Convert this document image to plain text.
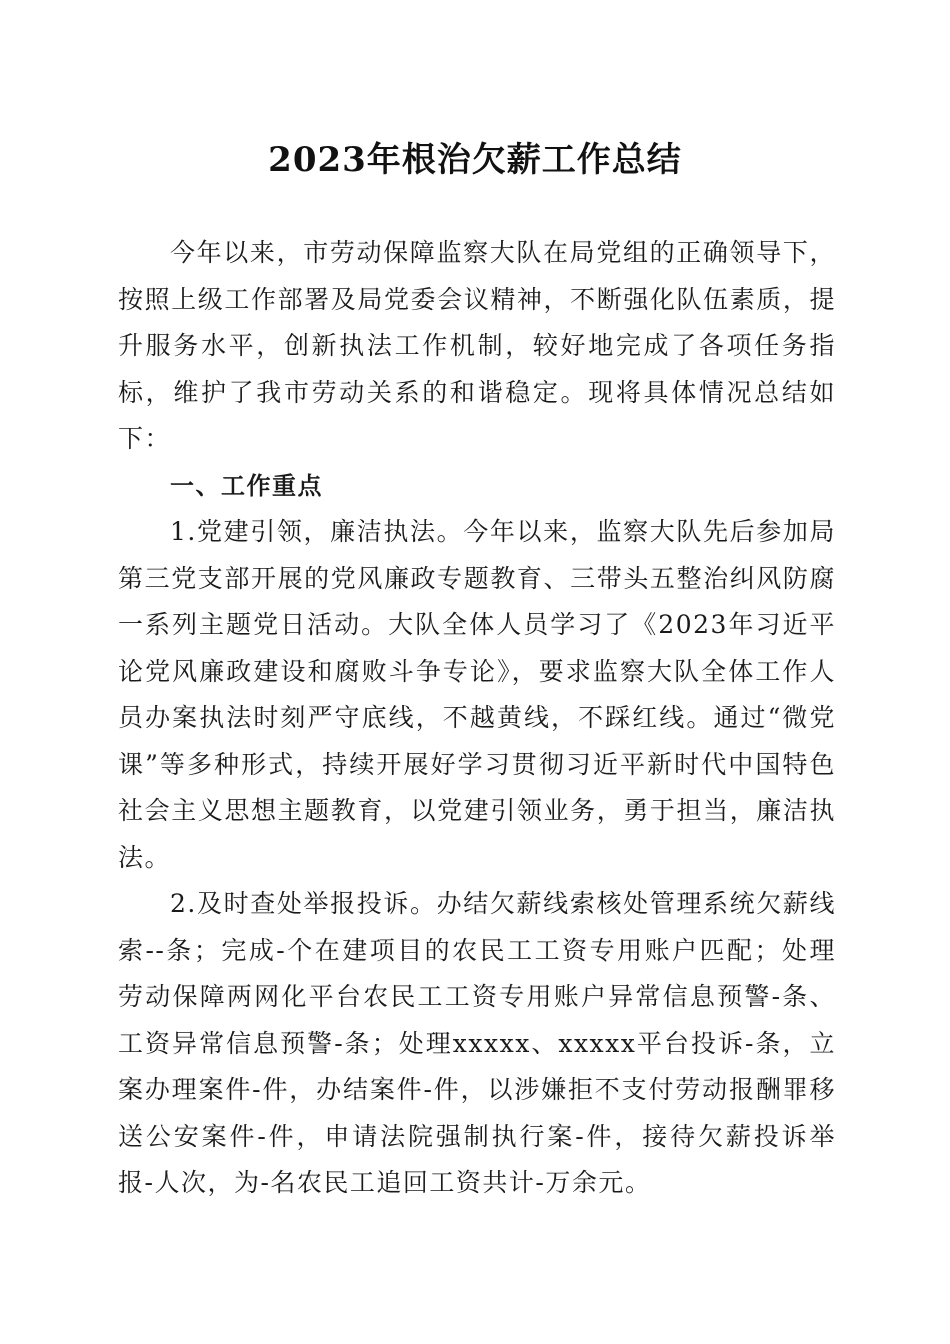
2023年根治欠薪工作总结

今年以来，市劳动保障监察大队在局党组的正确领导下，按照上级工作部署及局党委会议精神，不断强化队伍素质，提升服务水平，创新执法工作机制，较好地完成了各项任务指标，维护了我市劳动关系的和谐稳定。现将具体情况总结如下：

一、工作重点

1.党建引领，廉洁执法。今年以来，监察大队先后参加局第三党支部开展的党风廉政专题教育、三带头五整治纠风防腐一系列主题党日活动。大队全体人员学习了《2023年习近平论党风廉政建设和腐败斗争专论》，要求监察大队全体工作人员办案执法时刻严守底线，不越黄线，不踩红线。通过“微党课”等多种形式，持续开展好学习贯彻习近平新时代中国特色社会主义思想主题教育，以党建引领业务，勇于担当，廉洁执法。

2.及时查处举报投诉。办结欠薪线索核处管理系统欠薪线索--条；完成-个在建项目的农民工工资专用账户匹配；处理劳动保障两网化平台农民工工资专用账户异常信息预警-条、工资异常信息预警-条；处理xxxxx、xxxxx平台投诉-条，立案办理案件-件，办结案件-件，以涉嫌拒不支付劳动报酬罪移送公安案件-件，申请法院强制执行案-件，接待欠薪投诉举报-人次，为-名农民工追回工资共计-万余元。
